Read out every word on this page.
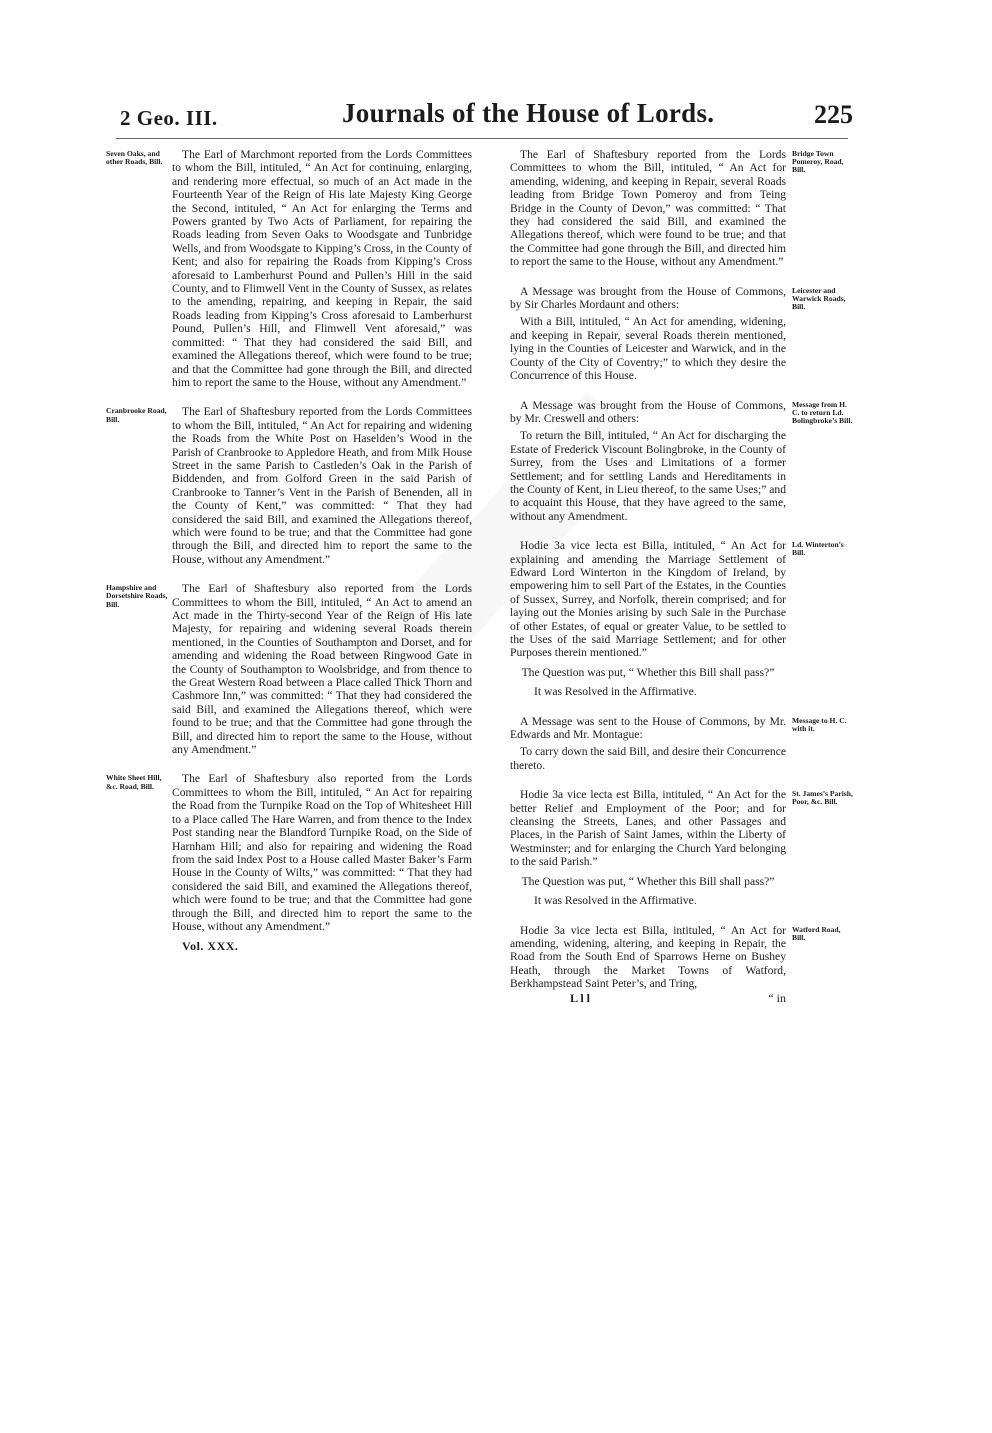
2 Geo. III.	Journals of the House of Lords.	225
Seven Oaks, and other Roads, Bill.

The Earl of Marchmont reported from the Lords Committees to whom the Bill, intituled, “ An Act for continuing, enlarging, and rendering more effectual, so much of an Act made in the Fourteenth Year of the Reign of His late Majesty King George the Second, intituled, “ An Act for enlarging the Terms and Powers granted by Two Acts of Parliament, for repairing the Roads leading from Seven Oaks to Woodsgate and Tunbridge Wells, and from Woodsgate to Kipping’s Cross, in the County of Kent; and also for repairing the Roads from Kipping’s Cross aforesaid to Lamberhurst Pound and Pullen’s Hill in the said County, and to Flimwell Vent in the County of Sussex, as relates to the amending, repairing, and keeping in Repair, the said Roads leading from Kipping’s Cross aforesaid to Lamberhurst Pound, Pullen’s Hill, and Flimwell Vent aforesaid,” was committed: “ That they had considered the said Bill, and examined the Allegations thereof, which were found to be true; and that the Committee had gone through the Bill, and directed him to report the same to the House, without any Amendment.”

Cranbrooke Road, Bill.

The Earl of Shaftesbury reported from the Lords Committees to whom the Bill, intituled, “ An Act for repairing and widening the Roads from the White Post on Haselden’s Wood in the Parish of Cranbrooke to Appledore Heath, and from Milk House Street in the same Parish to Castleden’s Oak in the Parish of Biddenden, and from Golford Green in the said Parish of Cranbrooke to Tanner’s Vent in the Parish of Benenden, all in the County of Kent,” was committed: “ That they had considered the said Bill, and examined the Allegations thereof, which were found to be true; and that the Committee had gone through the Bill, and directed him to report the same to the House, without any Amendment.”

Hampshire and Dorsetshire Roads, Bill.

The Earl of Shaftesbury also reported from the Lords Committees to whom the Bill, intituled, “ An Act to amend an Act made in the Thirty-second Year of the Reign of His late Majesty, for repairing and widening several Roads therein mentioned, in the Counties of Southampton and Dorset, and for amending and widening the Road between Ringwood Gate in the County of Southampton to Woolsbridge, and from thence to the Great Western Road between a Place called Thick Thorn and Cashmore Inn,” was committed: “ That they had considered the said Bill, and examined the Allegations thereof, which were found to be true; and that the Committee had gone through the Bill, and directed him to report the same to the House, without any Amendment.”

White Sheet Hill, &c. Road, Bill.

The Earl of Shaftesbury also reported from the Lords Committees to whom the Bill, intituled, “ An Act for repairing the Road from the Turnpike Road on the Top of Whitesheet Hill to a Place called The Hare Warren, and from thence to the Index Post standing near the Blandford Turnpike Road, on the Side of Harnham Hill; and also for repairing and widening the Road from the said Index Post to a House called Master Baker’s Farm House in the County of Wilts,” was committed: “ That they had considered the said Bill, and examined the Allegations thereof, which were found to be true; and that the Committee had gone through the Bill, and directed him to report the same to the House, without any Amendment.”

Vol. XXX.
Bridge Town Pomeroy, Road, Bill.

The Earl of Shaftesbury reported from the Lords Committees to whom the Bill, intituled, “ An Act for amending, widening, and keeping in Repair, several Roads leading from Bridge Town Pomeroy and from Teing Bridge in the County of Devon,” was committed: “ That they had considered the said Bill, and examined the Allegations thereof, which were found to be true; and that the Committee had gone through the Bill, and directed him to report the same to the House, without any Amendment.”

Leicester and Warwick Roads, Bill.

A Message was brought from the House of Commons, by Sir Charles Mordaunt and others:

With a Bill, intituled, “ An Act for amending, widening, and keeping in Repair, several Roads therein mentioned, lying in the Counties of Leicester and Warwick, and in the County of the City of Coventry;” to which they desire the Concurrence of this House.

Message from H. C. to return Ld. Bolingbroke’s Bill.

A Message was brought from the House of Commons, by Mr. Creswell and others:

To return the Bill, intituled, “ An Act for discharging the Estate of Frederick Viscount Bolingbroke, in the County of Surrey, from the Uses and Limitations of a former Settlement; and for settling Lands and Hereditaments in the County of Kent, in Lieu thereof, to the same Uses;” and to acquaint this House, that they have agreed to the same, without any Amendment.

Ld. Winterton’s Bill.

Hodie 3a vice lecta est Billa, intituled, “ An Act for explaining and amending the Marriage Settlement of Edward Lord Winterton in the Kingdom of Ireland, by empowering him to sell Part of the Estates, in the Counties of Sussex, Surrey, and Norfolk, therein comprised; and for laying out the Monies arising by such Sale in the Purchase of other Estates, of equal or greater Value, to be settled to the Uses of the said Marriage Settlement; and for other Purposes therein mentioned.”

The Question was put, “ Whether this Bill shall pass?”

It was Resolved in the Affirmative.

Message to H. C. with it.

A Message was sent to the House of Commons, by Mr. Edwards and Mr. Montague:

To carry down the said Bill, and desire their Concurrence thereto.

St. James’s Parish, Poor, &c. Bill.

Hodie 3a vice lecta est Billa, intituled, “ An Act for the better Relief and Employment of the Poor; and for cleansing the Streets, Lanes, and other Passages and Places, in the Parish of Saint James, within the Liberty of Westminster; and for enlarging the Church Yard belonging to the said Parish.”

The Question was put, “ Whether this Bill shall pass?”

It was Resolved in the Affirmative.

Watford Road, Bill.

Hodie 3a vice lecta est Billa, intituled, “ An Act for amending, widening, altering, and keeping in Repair, the Road from the South End of Sparrows Herne on Bushey Heath, through the Market Towns of Watford, Berkhampstead Saint Peter’s, and Tring,

L l l	“ in
